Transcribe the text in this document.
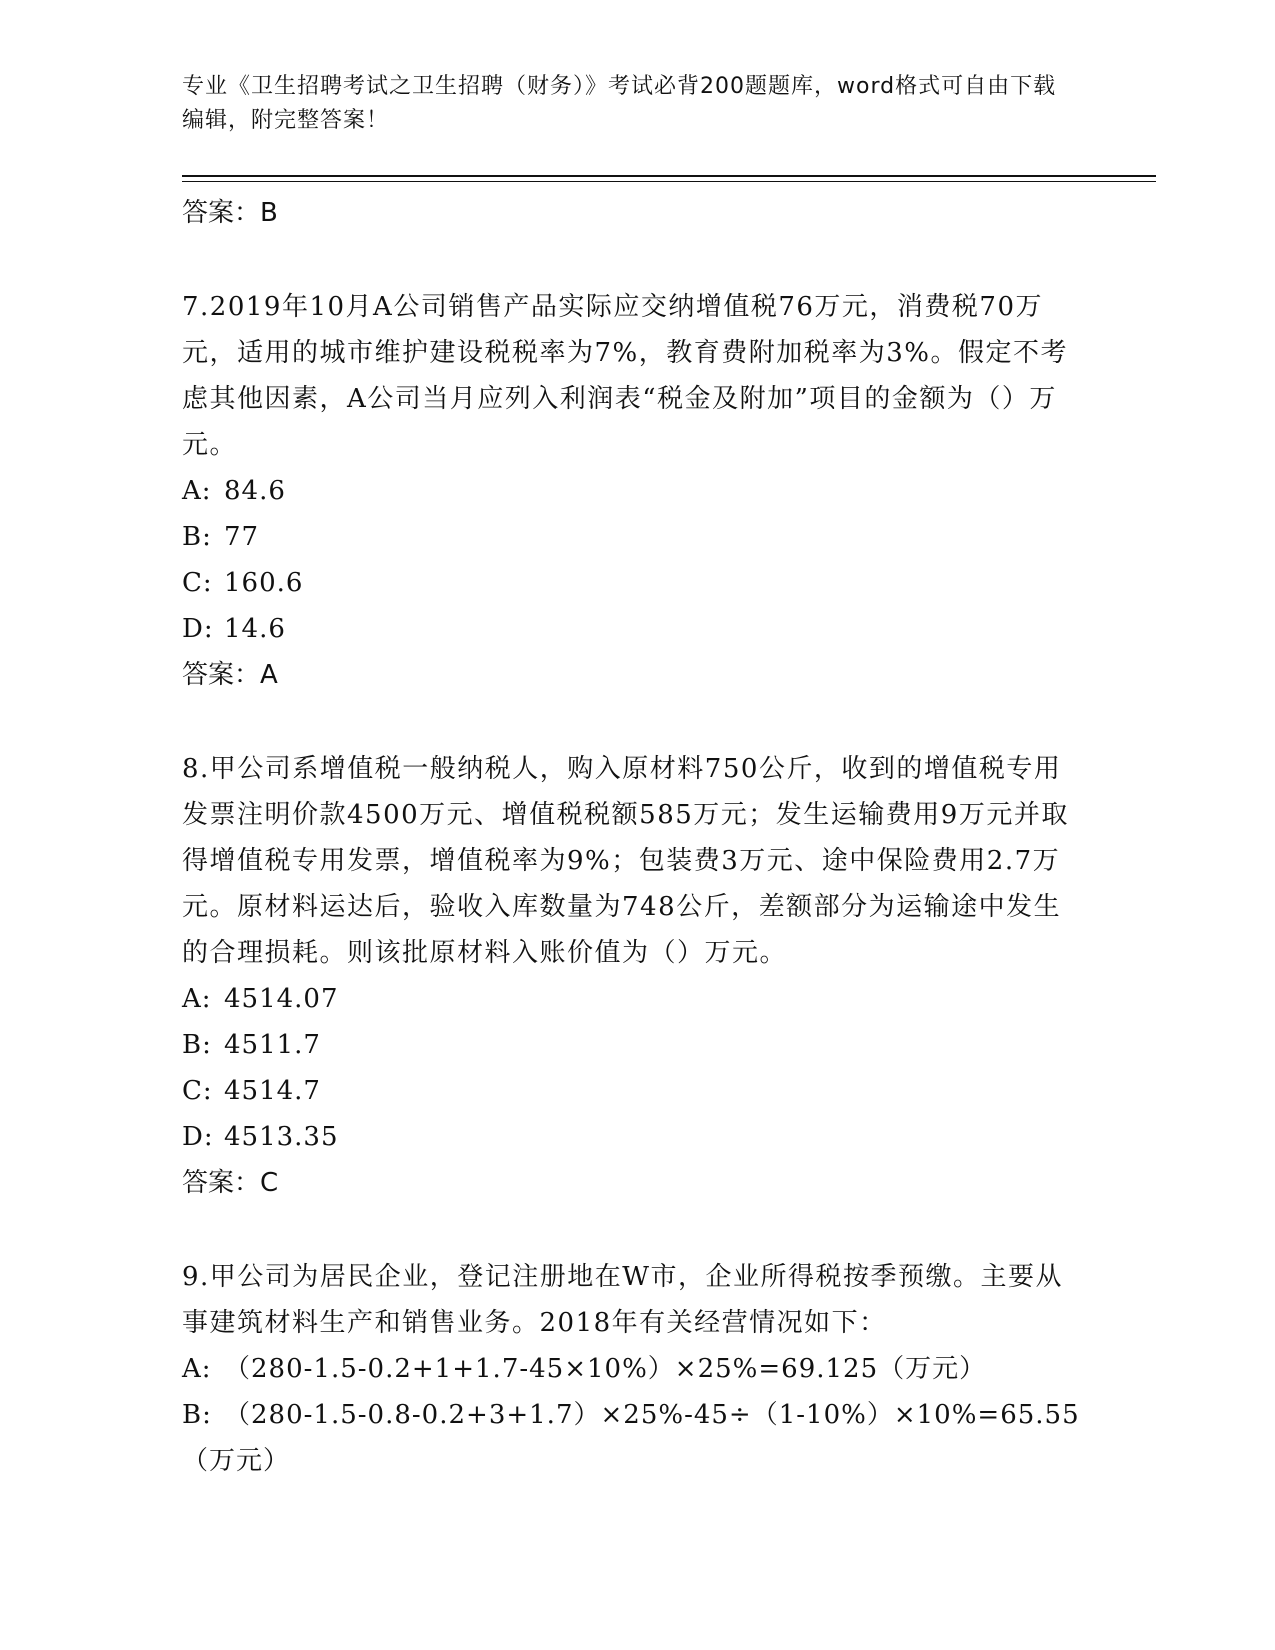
专业《卫生招聘考试之卫生招聘（财务）》考试必背200题题库，word格式可自由下载编辑，附完整答案！
答案：B
7.2019年10月A公司销售产品实际应交纳增值税76万元，消费税70万元，适用的城市维护建设税税率为7%，教育费附加税率为3%。假定不考虑其他因素，A公司当月应列入利润表“税金及附加”项目的金额为（）万元。
A: 84.6
B: 77
C: 160.6
D: 14.6
答案：A
8.甲公司系增值税一般纳税人，购入原材料750公斤，收到的增值税专用发票注明价款4500万元、增值税税额585万元；发生运输费用9万元并取得增值税专用发票，增值税率为9%；包装费3万元、途中保险费用2.7万元。原材料运达后，验收入库数量为748公斤，差额部分为运输途中发生的合理损耗。则该批原材料入账价值为（）万元。
A: 4514.07
B: 4511.7
C: 4514.7
D: 4513.35
答案：C
9.甲公司为居民企业，登记注册地在W市，企业所得税按季预缴。主要从事建筑材料生产和销售业务。2018年有关经营情况如下：
A: （280-1.5-0.2+1+1.7-45×10%）×25%=69.125（万元）
B: （280-1.5-0.8-0.2+3+1.7）×25%-45÷（1-10%）×10%=65.55（万元）
